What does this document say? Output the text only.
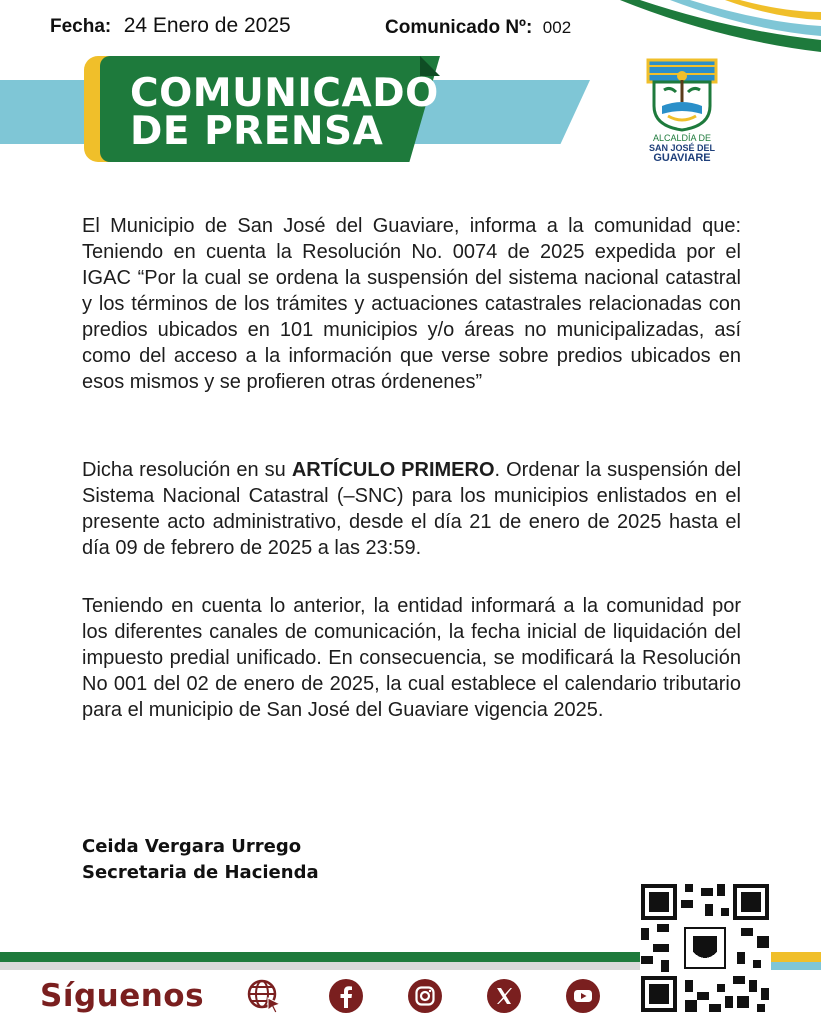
Fecha: 24 Enero de 2025	Comunicado Nº: 002
COMUNICADO
DE PRENSA	ALCALDÍA DE
SAN JOSÉ DEL
GUAVIARE

El Municipio de San José del Guaviare, informa a la comunidad que: Teniendo en cuenta la Resolución No. 0074 de 2025 expedida por el IGAC “Por la cual se ordena la suspensión del sistema nacional catastral y los términos de los trámites y actuaciones catastrales relacionadas con predios ubicados en 101 municipios y/o áreas no municipalizadas, así como del acceso a la información que verse sobre predios ubicados en esos mismos y se profieren otras órdenenes”

Dicha resolución en su ARTÍCULO PRIMERO. Ordenar la suspensión del Sistema Nacional Catastral (–SNC) para los municipios enlistados en el presente acto administrativo, desde el día 21 de enero de 2025 hasta el día 09 de febrero de 2025 a las 23:59.

Teniendo en cuenta lo anterior, la entidad informará a la comunidad por los diferentes canales de comunicación, la fecha inicial de liquidación del impuesto predial unificado. En consecuencia, se modificará la Resolución No 001 del 02 de enero de 2025, la cual establece el calendario tributario para el municipio de San José del Guaviare vigencia 2025.

Ceida Vergara Urrego
Secretaria de Hacienda
Síguenos
